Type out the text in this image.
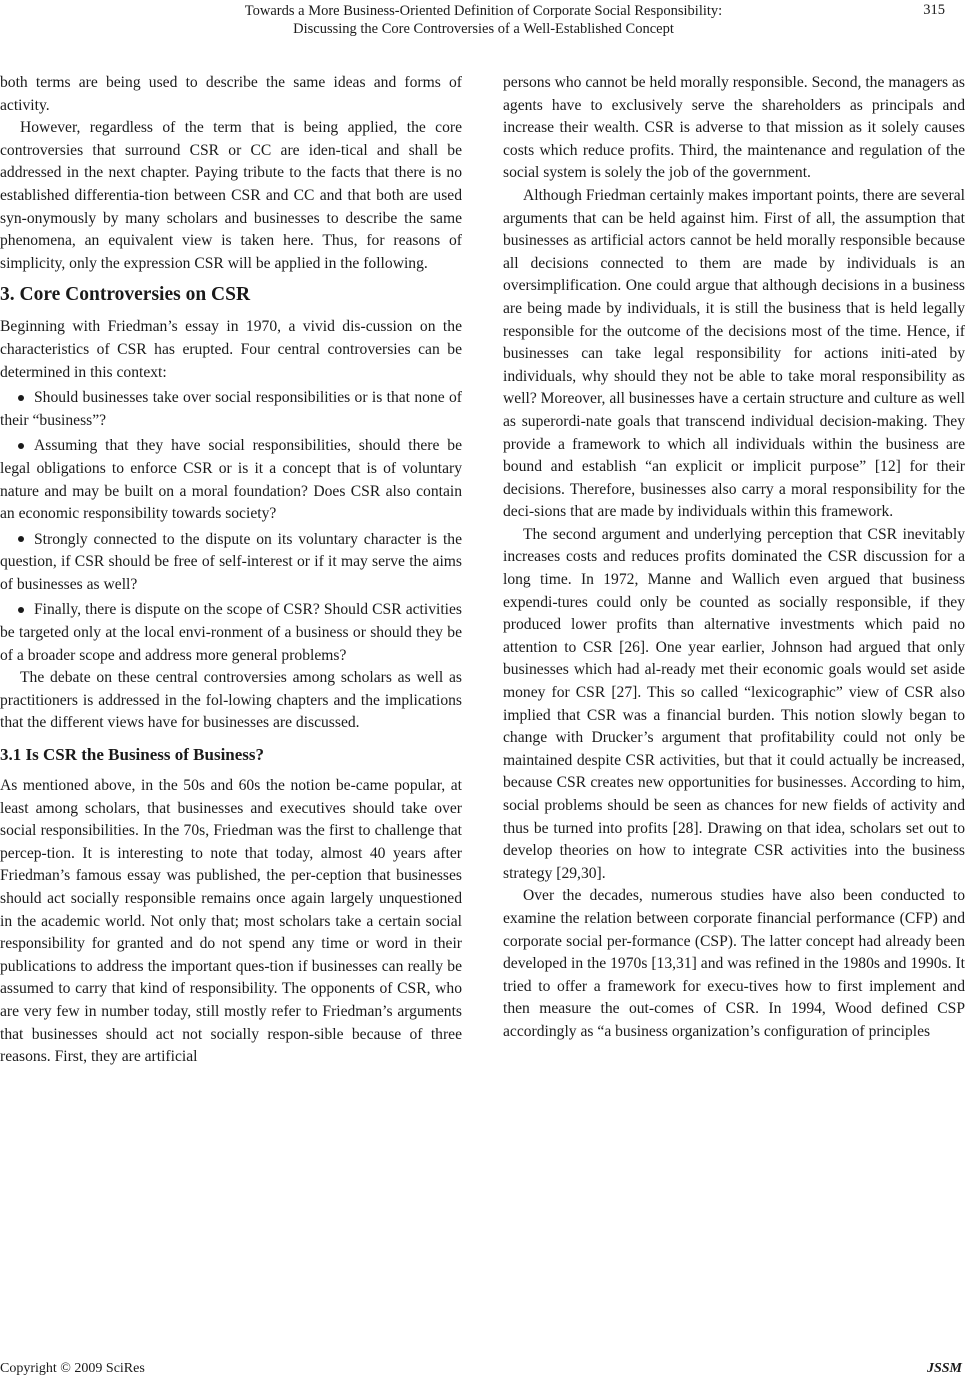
Towards a More Business-Oriented Definition of Corporate Social Responsibility:
Discussing the Core Controversies of a Well-Established Concept
315

both terms are being used to describe the same ideas and forms of activity.

However, regardless of the term that is being applied, the core controversies that surround CSR or CC are iden-tical and shall be addressed in the next chapter. Paying tribute to the facts that there is no established differentia-tion between CSR and CC and that both are used syn-onymously by many scholars and businesses to describe the same phenomena, an equivalent view is taken here. Thus, for reasons of simplicity, only the expression CSR will be applied in the following.

3. Core Controversies on CSR

Beginning with Friedman’s essay in 1970, a vivid dis-cussion on the characteristics of CSR has erupted. Four central controversies can be determined in this context:

Should businesses take over social responsibilities or is that none of their “business”?

Assuming that they have social responsibilities, should there be legal obligations to enforce CSR or is it a concept that is of voluntary nature and may be built on a moral foundation? Does CSR also contain an economic responsibility towards society?

Strongly connected to the dispute on its voluntary character is the question, if CSR should be free of self-interest or if it may serve the aims of businesses as well?

Finally, there is dispute on the scope of CSR? Should CSR activities be targeted only at the local envi-ronment of a business or should they be of a broader scope and address more general problems?

The debate on these central controversies among scholars as well as practitioners is addressed in the fol-lowing chapters and the implications that the different views have for businesses are discussed.

3.1 Is CSR the Business of Business?

As mentioned above, in the 50s and 60s the notion be-came popular, at least among scholars, that businesses and executives should take over social responsibilities. In the 70s, Friedman was the first to challenge that percep-tion. It is interesting to note that today, almost 40 years after Friedman’s famous essay was published, the per-ception that businesses should act socially responsible remains once again largely unquestioned in the academic world. Not only that; most scholars take a certain social responsibility for granted and do not spend any time or word in their publications to address the important ques-tion if businesses can really be assumed to carry that kind of responsibility. The opponents of CSR, who are very few in number today, still mostly refer to Friedman’s arguments that businesses should act not socially respon-sible because of three reasons. First, they are artificial

persons who cannot be held morally responsible. Second, the managers as agents have to exclusively serve the shareholders as principals and increase their wealth. CSR is adverse to that mission as it solely causes costs which reduce profits. Third, the maintenance and regulation of the social system is solely the job of the government.

Although Friedman certainly makes important points, there are several arguments that can be held against him. First of all, the assumption that businesses as artificial actors cannot be held morally responsible because all decisions connected to them are made by individuals is an oversimplification. One could argue that although decisions in a business are being made by individuals, it is still the business that is held legally responsible for the outcome of the decisions most of the time. Hence, if businesses can take legal responsibility for actions initi-ated by individuals, why should they not be able to take moral responsibility as well? Moreover, all businesses have a certain structure and culture as well as superordi-nate goals that transcend individual decision-making. They provide a framework to which all individuals within the business are bound and establish “an explicit or implicit purpose” [12] for their decisions. Therefore, businesses also carry a moral responsibility for the deci-sions that are made by individuals within this framework.

The second argument and underlying perception that CSR inevitably increases costs and reduces profits dominated the CSR discussion for a long time. In 1972, Manne and Wallich even argued that business expendi-tures could only be counted as socially responsible, if they produced lower profits than alternative investments which paid no attention to CSR [26]. One year earlier, Johnson had argued that only businesses which had al-ready met their economic goals would set aside money for CSR [27]. This so called “lexicographic” view of CSR also implied that CSR was a financial burden. This notion slowly began to change with Drucker’s argument that profitability could not only be maintained despite CSR activities, but that it could actually be increased, because CSR creates new opportunities for businesses. According to him, social problems should be seen as chances for new fields of activity and thus be turned into profits [28]. Drawing on that idea, scholars set out to develop theories on how to integrate CSR activities into the business strategy [29,30].

Over the decades, numerous studies have also been conducted to examine the relation between corporate financial performance (CFP) and corporate social per-formance (CSP). The latter concept had already been developed in the 1970s [13,31] and was refined in the 1980s and 1990s. It tried to offer a framework for execu-tives how to first implement and then measure the out-comes of CSR. In 1994, Wood defined CSP accordingly as “a business organization’s configuration of principles

Copyright © 2009 SciRes	JSSM
